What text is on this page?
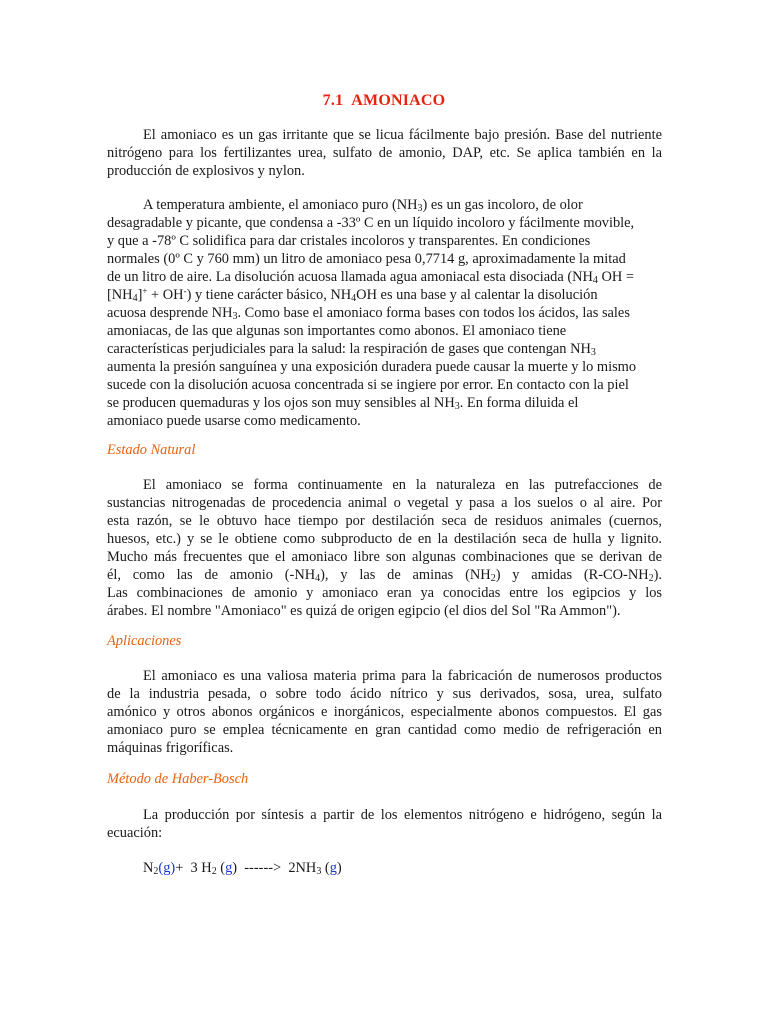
7.1 AMONIACO
El amoniaco es un gas irritante que se licua fácilmente bajo presión. Base del nutriente
nitrógeno para los fertilizantes urea, sulfato de amonio, DAP, etc. Se aplica también en la
producción de explosivos y nylon.
A temperatura ambiente, el amoniaco puro $(NH_3)$ es un gas incoloro, de olor
desagradable y picante, que condensa a -33º C en un líquido incoloro y fácilmente movible,
y que a -78º C solidifica para dar cristales incoloros y transparentes. En condiciones
normales (0º C y 760 mm) un litro de amoniaco pesa 0,7714 g, aproximadamente la mitad
de un litro de aire. La disolución acuosa llamada agua amoniacal esta disociada ($NH_4$ OH =
$[NH_4]^+ + OH^-$) y tiene carácter básico, $NH_4OH$ es una base y al calentar la disolución
acuosa desprende $NH_3$. Como base el amoniaco forma bases con todos los ácidos, las sales
amoniacas, de las que algunas son importantes como abonos. El amoniaco tiene
características perjudiciales para la salud: la respiración de gases que contengan $NH_3$
aumenta la presión sanguínea y una exposición duradera puede causar la muerte y lo mismo
sucede con la disolución acuosa concentrada si se ingiere por error. En contacto con la piel
se producen quemaduras y los ojos son muy sensibles al $NH_3$. En forma diluida el
amoniaco puede usarse como medicamento.
Estado Natural
El amoniaco se forma continuamente en la naturaleza en las putrefacciones de
sustancias nitrogenadas de procedencia animal o vegetal y pasa a los suelos o al aire. Por
esta razón, se le obtuvo hace tiempo por destilación seca de residuos animales (cuernos,
huesos, etc.) y se le obtiene como subproducto de en la destilación seca de hulla y lignito.
Mucho más frecuentes que el amoniaco libre son algunas combinaciones que se derivan de
él, como las de amonio $(-NH_4)$, y las de aminas $(NH_2)$ y amidas $(R-CO-NH_2)$.
Las combinaciones de amonio y amoniaco eran ya conocidas entre los egipcios y los
árabes. El nombre "Amoniaco" es quizá de origen egipcio (el dios del Sol "Ra Ammon").
Aplicaciones
El amoniaco es una valiosa materia prima para la fabricación de numerosos productos
de la industria pesada, o sobre todo ácido nítrico y sus derivados, sosa, urea, sulfato
amónico y otros abonos orgánicos e inorgánicos, especialmente abonos compuestos. El gas
amoniaco puro se emplea técnicamente en gran cantidad como medio de refrigeración en
máquinas frigoríficas.
Método de Haber-Bosch
La producción por síntesis a partir de los elementos nitrógeno e hidrógeno, según la
ecuación:
$N_2(g)+ 3$ $H_2$ (g)  ------>  $2NH_3$ (g)
